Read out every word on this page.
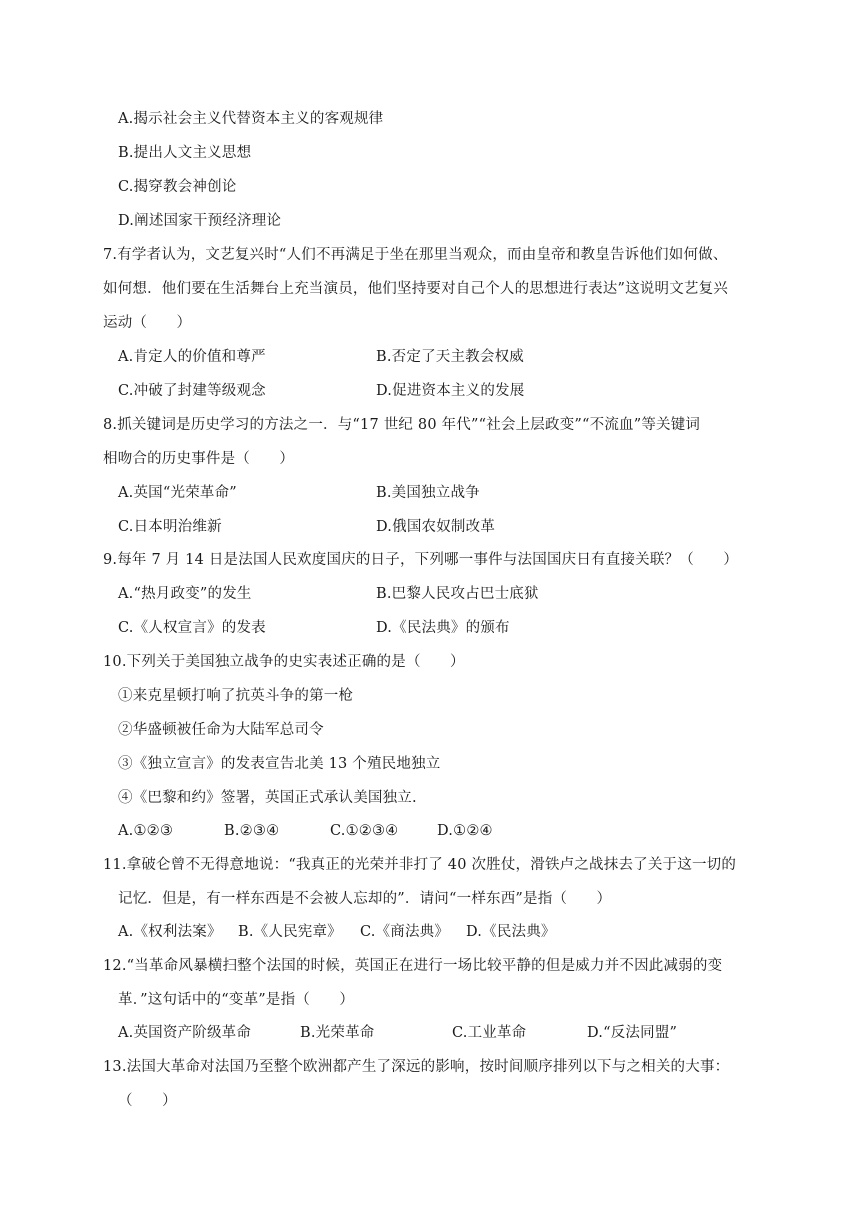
A.揭示社会主义代替资本主义的客观规律
B.提出人文主义思想
C.揭穿教会神创论
D.阐述国家干预经济理论
7.有学者认为，文艺复兴时“人们不再满足于坐在那里当观众，而由皇帝和教皇告诉他们如何做、
如何想．他们要在生活舞台上充当演员，他们坚持要对自己个人的思想进行表达”这说明文艺复兴
运动（　　）
A.肯定人的价值和尊严	B.否定了天主教会权威
C.冲破了封建等级观念	D.促进资本主义的发展
8.抓关键词是历史学习的方法之一．与“17 世纪 80 年代”“社会上层政变”“不流血”等关键词
相吻合的历史事件是（　　）
A.英国“光荣革命”	B.美国独立战争
C.日本明治维新	D.俄国农奴制改革
9.每年 7 月 14 日是法国人民欢度国庆的日子，下列哪一事件与法国国庆日有直接关联？（　　）
A.“热月政变”的发生	B.巴黎人民攻占巴士底狱
C.《人权宣言》的发表	D.《民法典》的颁布
10.下列关于美国独立战争的史实表述正确的是（　　）
①来克星顿打响了抗英斗争的第一枪
②华盛顿被任命为大陆军总司令
③《独立宣言》的发表宣告北美 13 个殖民地独立
④《巴黎和约》签署，英国正式承认美国独立.
A.①②③	B.②③④	C.①②③④	D.①②④
11.拿破仑曾不无得意地说：“我真正的光荣并非打了 40 次胜仗，滑铁卢之战抹去了关于这一切的
记忆．但是，有一样东西是不会被人忘却的”．请问“一样东西”是指（　　）
A.《权利法案》 B.《人民宪章》 C.《商法典》 D.《民法典》
12.“当革命风暴横扫整个法国的时候，英国正在进行一场比较平静的但是威力并不因此减弱的变
革．”这句话中的“变革”是指（　　）
A.英国资产阶级革命	B.光荣革命	C.工业革命	D.“反法同盟”
13.法国大革命对法国乃至整个欧洲都产生了深远的影响，按时间顺序排列以下与之相关的大事：
（　　）
